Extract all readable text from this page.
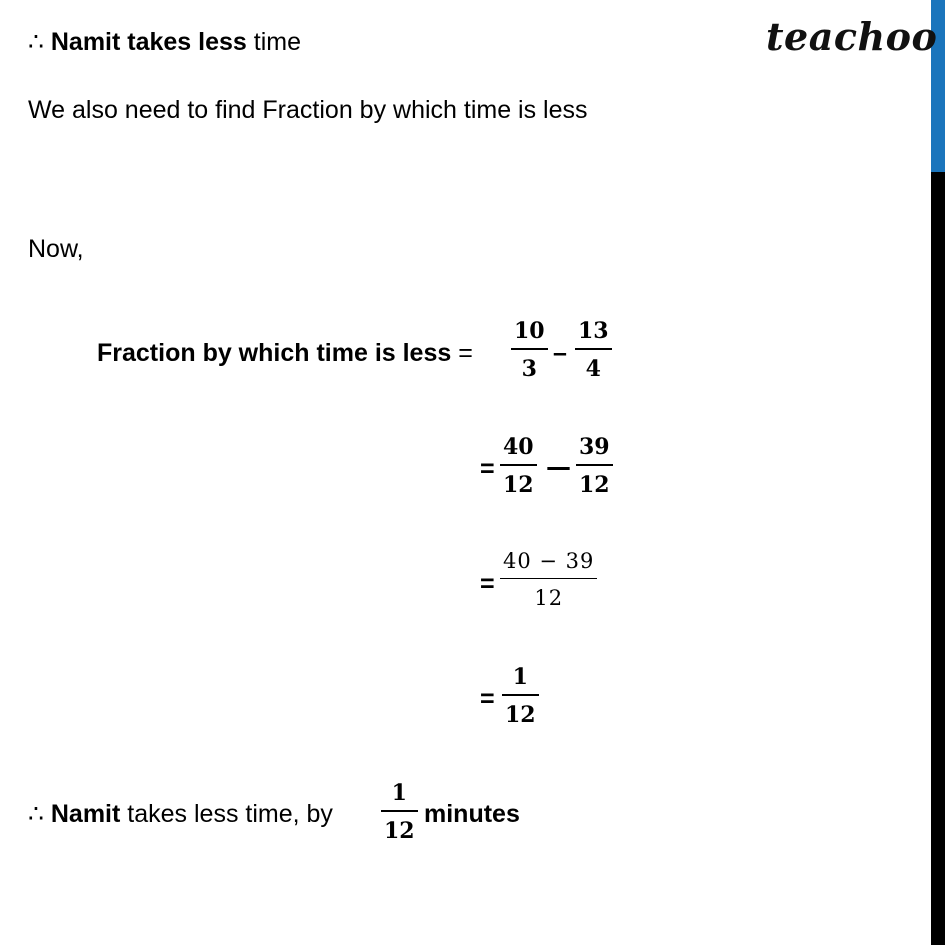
teachoo
∴ Namit takes less time
We also need to find Fraction by which time is less
Now,
Fraction by which time is less =
10
3
–
13
4
=
40
12
—
39
12
=
40 − 39
12
=
1
12
∴ Namit takes less time, by
1
12
minutes
